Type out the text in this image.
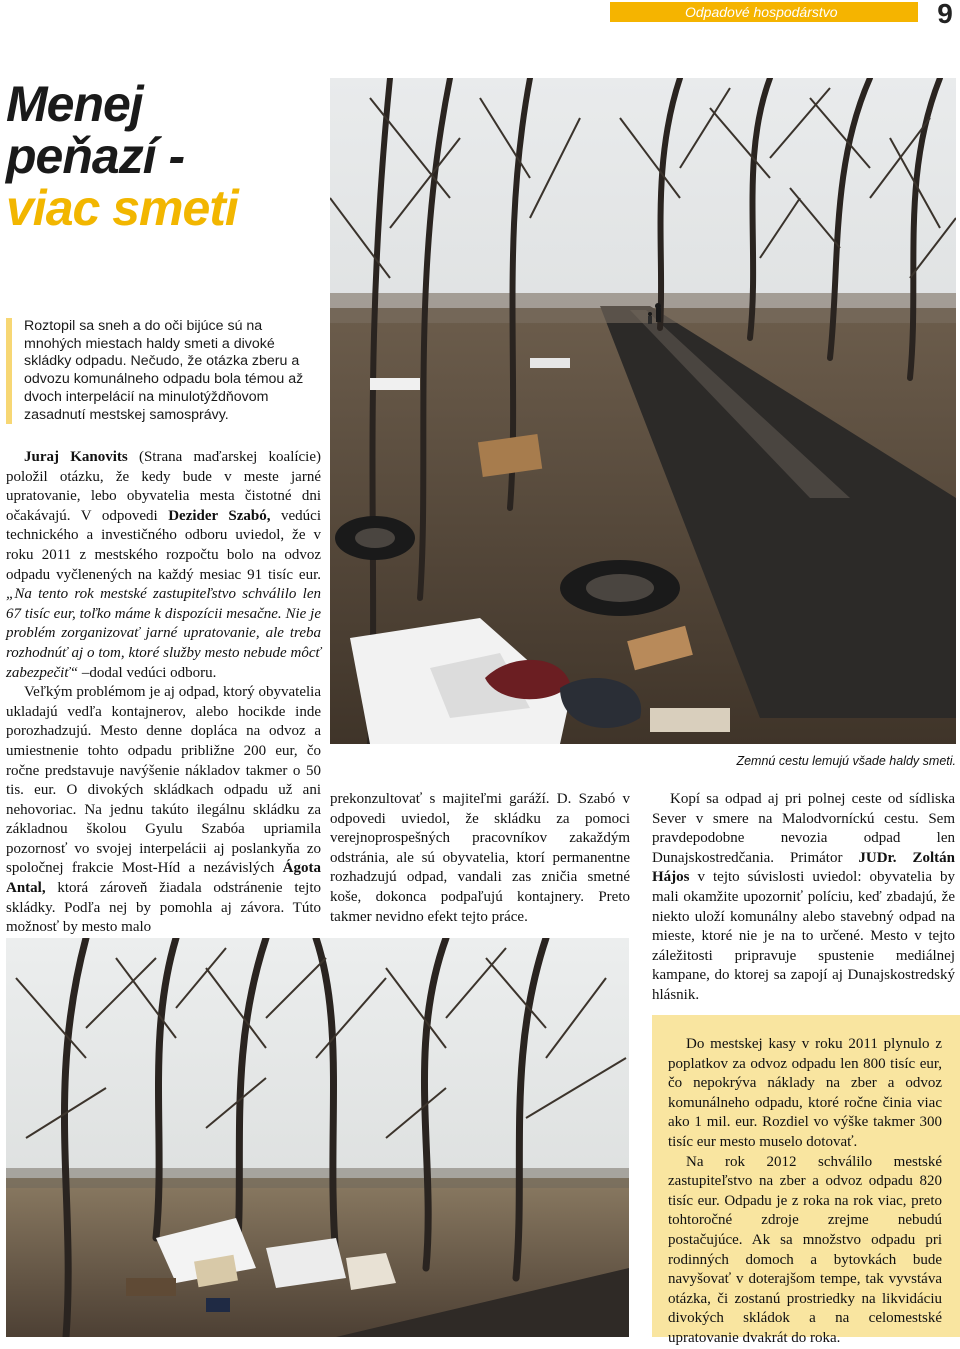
Odpadové hospodárstvo	9
Menej
peňazí -
viac smeti

Roztopil sa sneh a do oči bijúce sú na mnohých miestach haldy smeti a divoké skládky odpadu. Nečudo, že otázka zberu a odvozu komunálneho odpadu bola témou až dvoch interpelácií na minulotýždňovom zasadnutí mestskej samosprávy.

Juraj Kanovits (Strana maďarskej koalície) položil otázku, že kedy bude v meste jarné upratovanie, lebo obyvatelia mesta čistotné dni očakávajú. V odpovedi Dezider Szabó, vedúci technického a investičného odboru uviedol, že v roku 2011 z mestského rozpočtu bolo na odvoz odpadu vyčlenených na každý mesiac 91 tisíc eur. „Na tento rok mestské zastupiteľstvo schválilo len 67 tisíc eur, toľko máme k dispozícii mesačne. Nie je problém zorganizovať jarné upratovanie, ale treba rozhodnúť aj o tom, ktoré služby mesto nebude môcť zabezpečiť“ –dodal vedúci odboru.

Veľkým problémom je aj odpad, ktorý obyvatelia ukladajú vedľa kontajnerov, alebo hocikde inde porozhadzujú. Mesto denne dopláca na odvoz a umiestnenie tohto odpadu približne 200 eur, čo ročne predstavuje navýšenie nákladov takmer o 50 tis. eur. O divokých skládkach odpadu už ani nehovoriac. Na jednu takúto ilegálnu skládku za základnou školou Gyulu Szabóa upriamila pozornosť vo svojej interpelácii aj poslankyňa zo spoločnej frakcie Most-Híd a nezávislých Ágota Antal, ktorá zároveň žiadala odstránenie tejto skládky. Podľa nej by pomohla aj závora. Túto možnosť by mesto malo

Zemnú cestu lemujú všade haldy smeti.

prekonzultovať s majiteľmi garáží. D. Szabó v odpovedi uviedol, že skládku za pomoci verejnoprospešných pracovníkov zakaždým odstránia, ale sú obyvatelia, ktorí permanentne rozhadzujú odpad, vandali zas zničia smetné koše, dokonca podpaľujú kontajnery. Preto takmer nevidno efekt tejto práce.

Kopí sa odpad aj pri polnej ceste od sídliska Sever v smere na Malodvorníckú cestu. Sem pravdepodobne nevozia odpad len Dunajskostredčania. Primátor JUDr. Zoltán Hájos v tejto súvislosti uviedol: obyvatelia by mali okamžite upozorniť políciu, keď zbadajú, že niekto uloží komunálny alebo stavebný odpad na mieste, ktoré nie je na to určené. Mesto v tejto záležitosti pripravuje spustenie mediálnej kampane, do ktorej sa zapojí aj Dunajskostredský hlásnik.

Do mestskej kasy v roku 2011 plynulo z poplatkov za odvoz odpadu len 800 tisíc eur, čo nepokrýva náklady na zber a odvoz komunálneho odpadu, ktoré ročne činia viac ako 1 mil. eur. Rozdiel vo výške takmer 300 tisíc eur mesto muselo dotovať.

Na rok 2012 schválilo mestské zastupiteľstvo na zber a odvoz odpadu 820 tisíc eur. Odpadu je z roka na rok viac, preto tohtoročné zdroje zrejme nebudú postačujúce. Ak sa množstvo odpadu pri rodinných domoch a bytovkách bude navyšovať v doterajšom tempe, tak vyvstáva otázka, či zostanú prostriedky na likvidáciu divokých skládok a na celomestské upratovanie dvakrát do roka.
